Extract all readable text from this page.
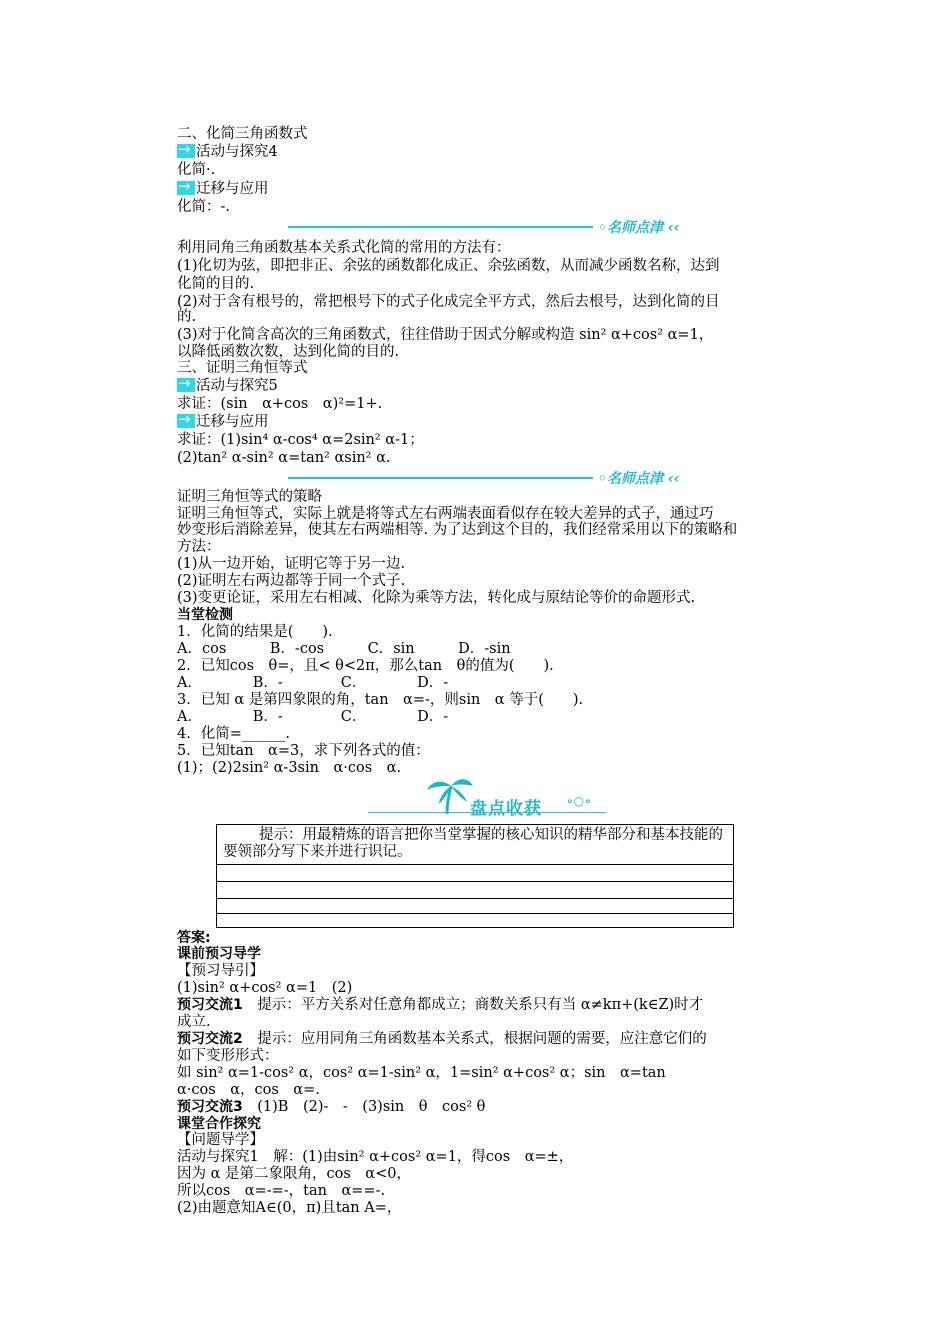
二、化简三角函数式
→活动与探究4
化简·.
→迁移与应用
化简：-.
◦名师点津 ‹‹
利用同角三角函数基本关系式化简的常用的方法有：
(1)化切为弦，即把非正、余弦的函数都化成正、余弦函数，从而减少函数名称，达到
化简的目的.
(2)对于含有根号的，常把根号下的式子化成完全平方式，然后去根号，达到化简的目
的.
(3)对于化简含高次的三角函数式，往往借助于因式分解或构造 sin² α+cos² α=1，
以降低函数次数，达到化简的目的.
三、证明三角恒等式
→活动与探究5
求证：(sin　α+cos　α)²=1+.
→迁移与应用
求证：(1)sin⁴ α-cos⁴ α=2sin² α-1；
(2)tan² α-sin² α=tan² αsin² α.
◦名师点津 ‹‹
证明三角恒等式的策略
证明三角恒等式，实际上就是将等式左右两端表面看似存在较大差异的式子，通过巧
妙变形后消除差异，使其左右两端相等. 为了达到这个目的，我们经常采用以下的策略和
方法：
(1)从一边开始，证明它等于另一边.
(2)证明左右两边都等于同一个式子.
(3)变更论证，采用左右相减、化除为乘等方法，转化成与原结论等价的命题形式.
当堂检测
1．化简的结果是(　　).
A．cos　　　B．-cos　　　C．sin　　　D．-sin
2．已知cos　θ=，且< θ<2π，那么tan　θ的值为(　　).
A．　　　　B．-　　　　C．　　　　D．-
3．已知 α 是第四象限的角，tan　α=-，则sin　α 等于(　　).
A．　　　　B．-　　　　C．　　　　D．-
4．化简=______.
5．已知tan　α=3，求下列各式的值：
(1)；(2)2sin² α-3sin　α·cos　α.
盘点收获 ∘○∘
提示：用最精炼的语言把你当堂掌握的核心知识的精华部分和基本技能的要领部分写下来并进行识记。
答案:
课前预习导学
【预习导引】
(1)sin² α+cos² α=1　(2)
预习交流1　提示：平方关系对任意角都成立；商数关系只有当 α≠kπ+(k∈Z)时才
成立.
预习交流2　提示：应用同角三角函数基本关系式，根据问题的需要，应注意它们的
如下变形形式：
如 sin² α=1-cos² α，cos² α=1-sin² α，1=sin² α+cos² α；sin　α=tan
α·cos　α，cos　α=.
预习交流3　(1)B　(2)-　-　(3)sin　θ　cos² θ
课堂合作探究
【问题导学】
活动与探究1　解：(1)由sin² α+cos² α=1，得cos　α=±，
因为 α 是第二象限角，cos　α<0，
所以cos　α=-=-，tan　α==-.
(2)由题意知A∈(0，π)且tan A=，
